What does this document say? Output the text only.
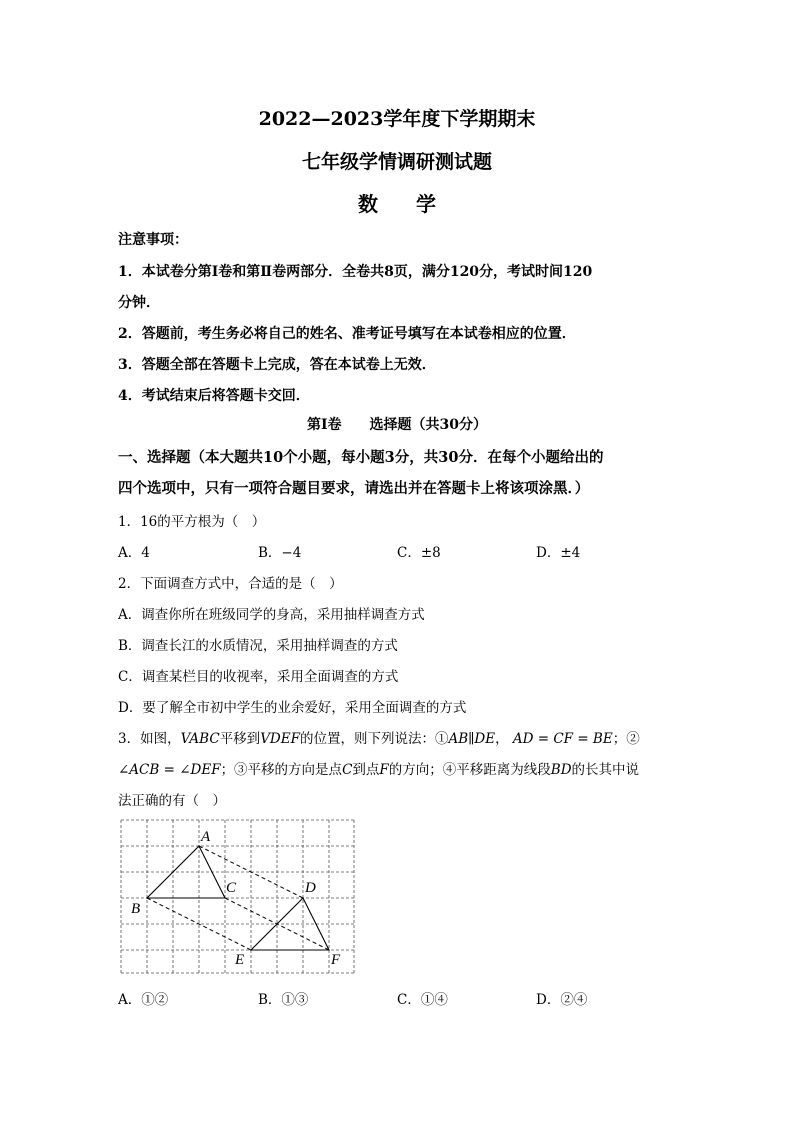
2022—2023学年度下学期期末
七年级学情调研测试题
数学
注意事项：
1．本试卷分第Ⅰ卷和第Ⅱ卷两部分．全卷共8页，满分120分，考试时间120
分钟．
2．答题前，考生务必将自己的姓名、准考证号填写在本试卷相应的位置．
3．答题全部在答题卡上完成，答在本试卷上无效．
4．考试结束后将答题卡交回．
第Ⅰ卷　　选择题（共30分）
一、选择题（本大题共10个小题，每小题3分，共30分．在每个小题给出的
四个选项中，只有一项符合题目要求，请选出并在答题卡上将该项涂黑．）
1．16的平方根为（　）
A．4	B．−4	C．±8	D．±4
2．下面调查方式中，合适的是（　）
A．调查你所在班级同学的身高，采用抽样调查方式
B．调查长江的水质情况，采用抽样调查的方式
C．调查某栏目的收视率，采用全面调查的方式
D．要了解全市初中学生的业余爱好，采用全面调查的方式
3．如图，VABC平移到VDEF的位置，则下列说法：①AB∥DE， AD = CF = BE；②
∠ACB = ∠DEF；③平移的方向是点C到点F的方向；④平移距离为线段BD的长其中说
法正确的有（　）
A
B
C	D
E	F
A．①②	B．①③	C．①④	D．②④
